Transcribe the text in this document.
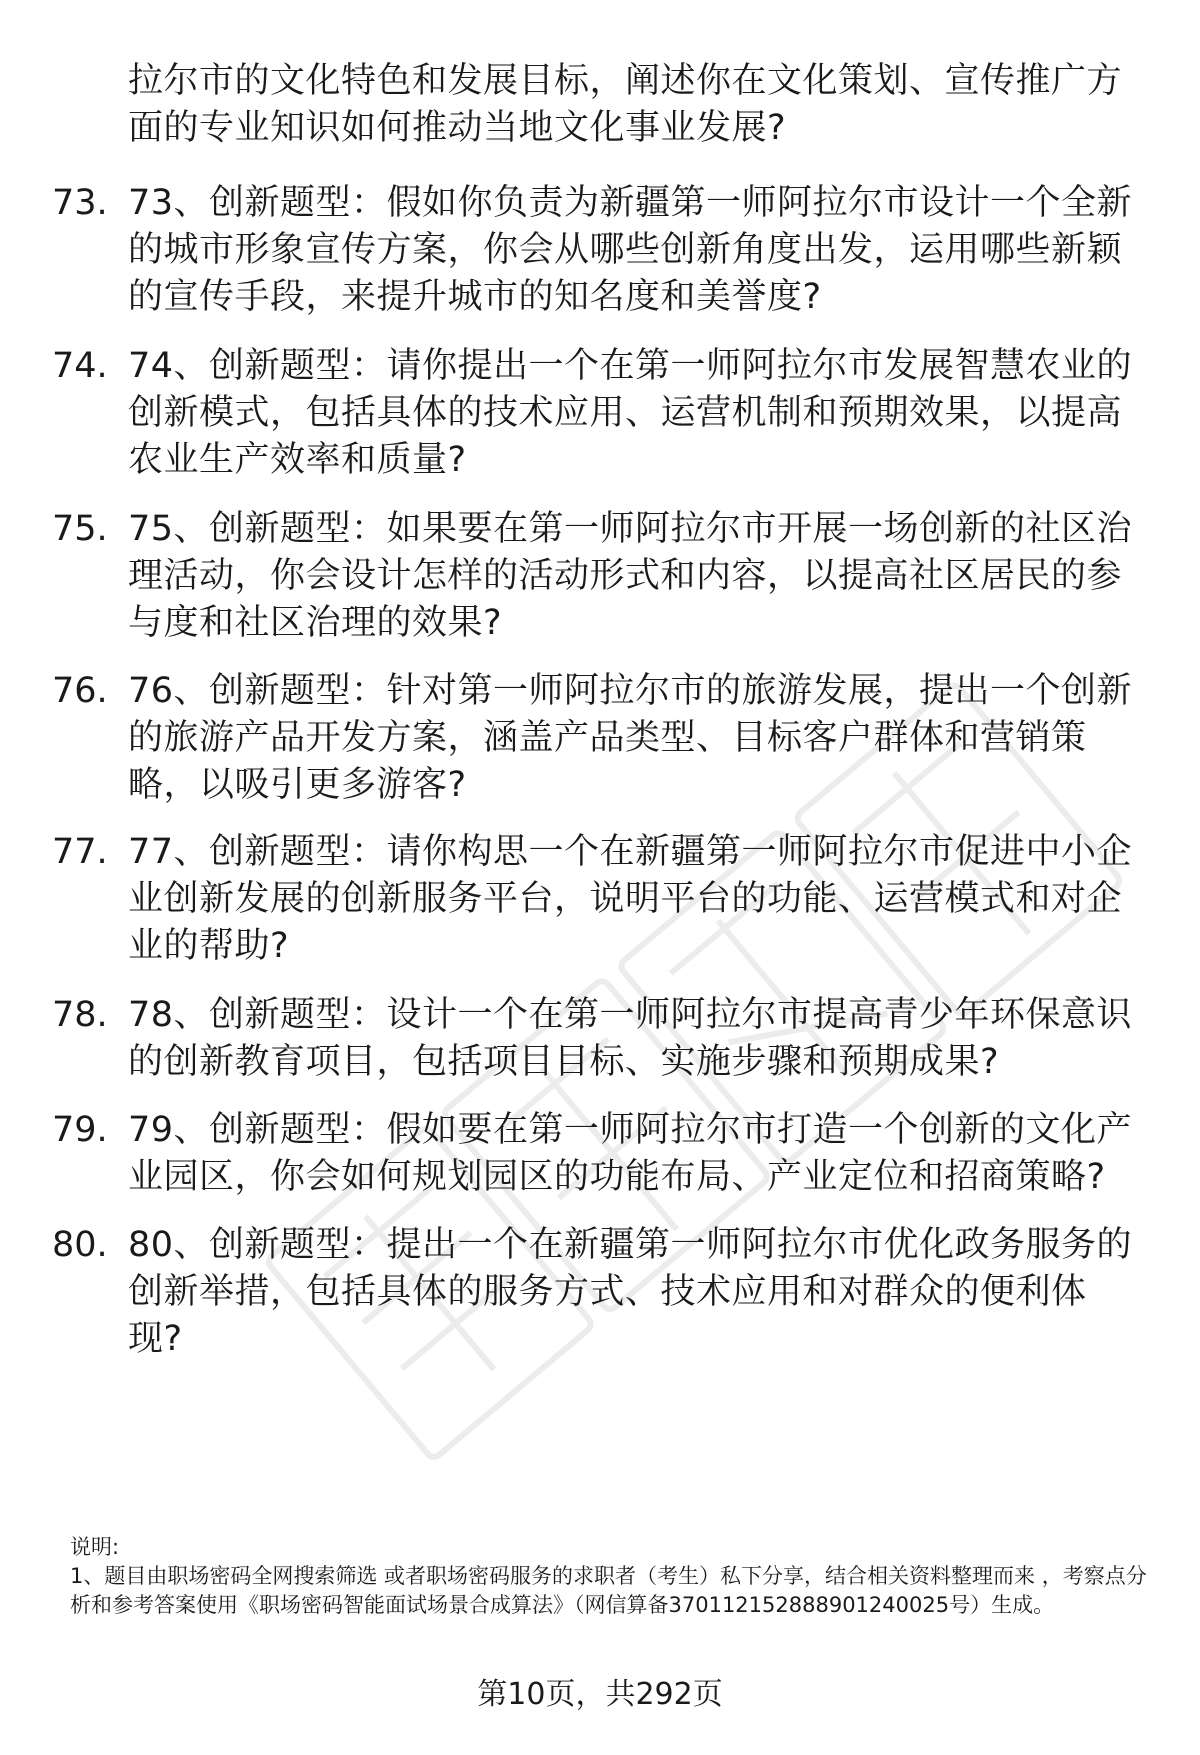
拉尔市的文化特色和发展目标，阐述你在文化策划、宣传推广方面的专业知识如何推动当地文化事业发展?
73. 73、创新题型：假如你负责为新疆第一师阿拉尔市设计一个全新的城市形象宣传方案，你会从哪些创新角度出发，运用哪些新颖的宣传手段，来提升城市的知名度和美誉度?
74. 74、创新题型：请你提出一个在第一师阿拉尔市发展智慧农业的创新模式，包括具体的技术应用、运营机制和预期效果，以提高农业生产效率和质量?
75. 75、创新题型：如果要在第一师阿拉尔市开展一场创新的社区治理活动，你会设计怎样的活动形式和内容，以提高社区居民的参与度和社区治理的效果?
76. 76、创新题型：针对第一师阿拉尔市的旅游发展，提出一个创新的旅游产品开发方案，涵盖产品类型、目标客户群体和营销策略，以吸引更多游客?
77. 77、创新题型：请你构思一个在新疆第一师阿拉尔市促进中小企业创新发展的创新服务平台，说明平台的功能、运营模式和对企业的帮助?
78. 78、创新题型：设计一个在第一师阿拉尔市提高青少年环保意识的创新教育项目，包括项目目标、实施步骤和预期成果?
79. 79、创新题型：假如要在第一师阿拉尔市打造一个创新的文化产业园区，你会如何规划园区的功能布局、产业定位和招商策略?
80. 80、创新题型：提出一个在新疆第一师阿拉尔市优化政务服务的创新举措，包括具体的服务方式、技术应用和对群众的便利体现?
说明:
1、题目由职场密码全网搜索筛选 或者职场密码服务的求职者（考生）私下分享，结合相关资料整理而来 ，考察点分析和参考答案使用《职场密码智能面试场景合成算法》（网信算备370112152888901240025号）生成。
第10页，共292页
